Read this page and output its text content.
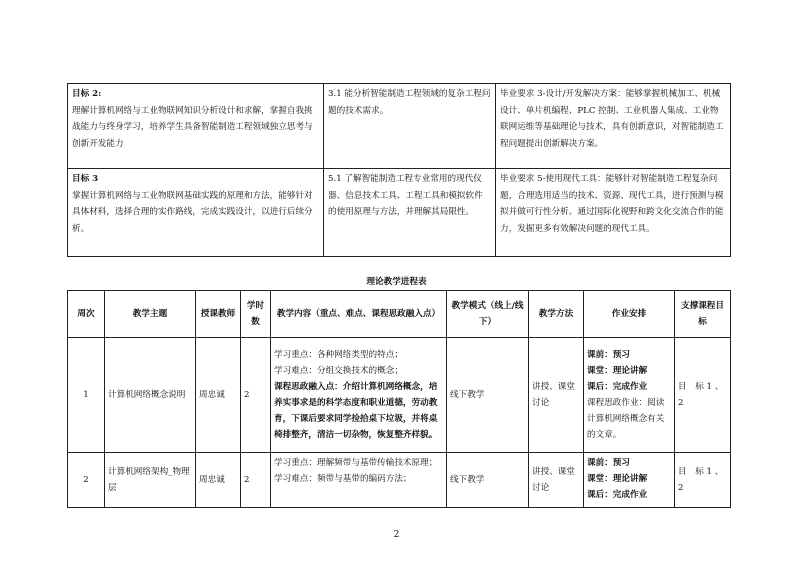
目标 2:
理解计算机网络与工业物联网知识分析设计和求解，掌握自我挑战能力与终身学习，培养学生具备智能制造工程领域独立思考与创新开发能力	3.1 能分析智能制造工程领域的复杂工程问题的技术需求。	毕业要求 3-设计/开发解决方案：能够掌握机械加工、机械设计、单片机编程、PLC 控制、工业机器人集成、工业物联网运维等基础理论与技术，具有创新意识，对智能制造工程问题提出创新解决方案。

目标 3
掌握计算机网络与工业物联网基础实践的原理和方法，能够针对具体材料，选择合理的实作路线，完成实践设计，以进行后续分析。	5.1 了解智能制造工程专业常用的现代仪器、信息技术工具、工程工具和模拟软件的使用原理与方法，并理解其局限性。	毕业要求 5-使用现代工具：能够针对智能制造工程复杂问题，合理选用适当的技术、资源、现代工具，进行预测与模拟并做可行性分析。通过国际化视野和跨文化交流合作的能力，发掘更多有效解决问题的现代工具。
理论教学进程表
周次	教学主题	授课教师	学时数	教学内容（重点、难点、课程思政融入点）	教学模式（线上/线下）	教学方法	作业安排	支撑课程目标
1	计算机网络概念说明	周忠诚	2	学习重点：各种网络类型的特点；
学习难点：分组交换技术的概念；
课程思政融入点：介绍计算机网络概念，培养实事求是的科学态度和职业道德，劳动教育，下课后要求同学捡拾桌下垃圾，并将桌椅排整齐，清洁一切杂物，恢复整齐样貌。	线下教学	讲授、课堂讨论	课前：预习
课堂：理论讲解
课后：完成作业
课程思政作业：阅读计算机网络概念有关的文章。	目　标 1 、2
2	计算机网络架构_物理层	周忠诚	2	学习重点：理解频带与基带传输技术原理；
学习难点：频带与基带的编码方法；	线下教学	讲授、课堂讨论	课前：预习
课堂：理论讲解
课后：完成作业	目　标 1 、2
2
